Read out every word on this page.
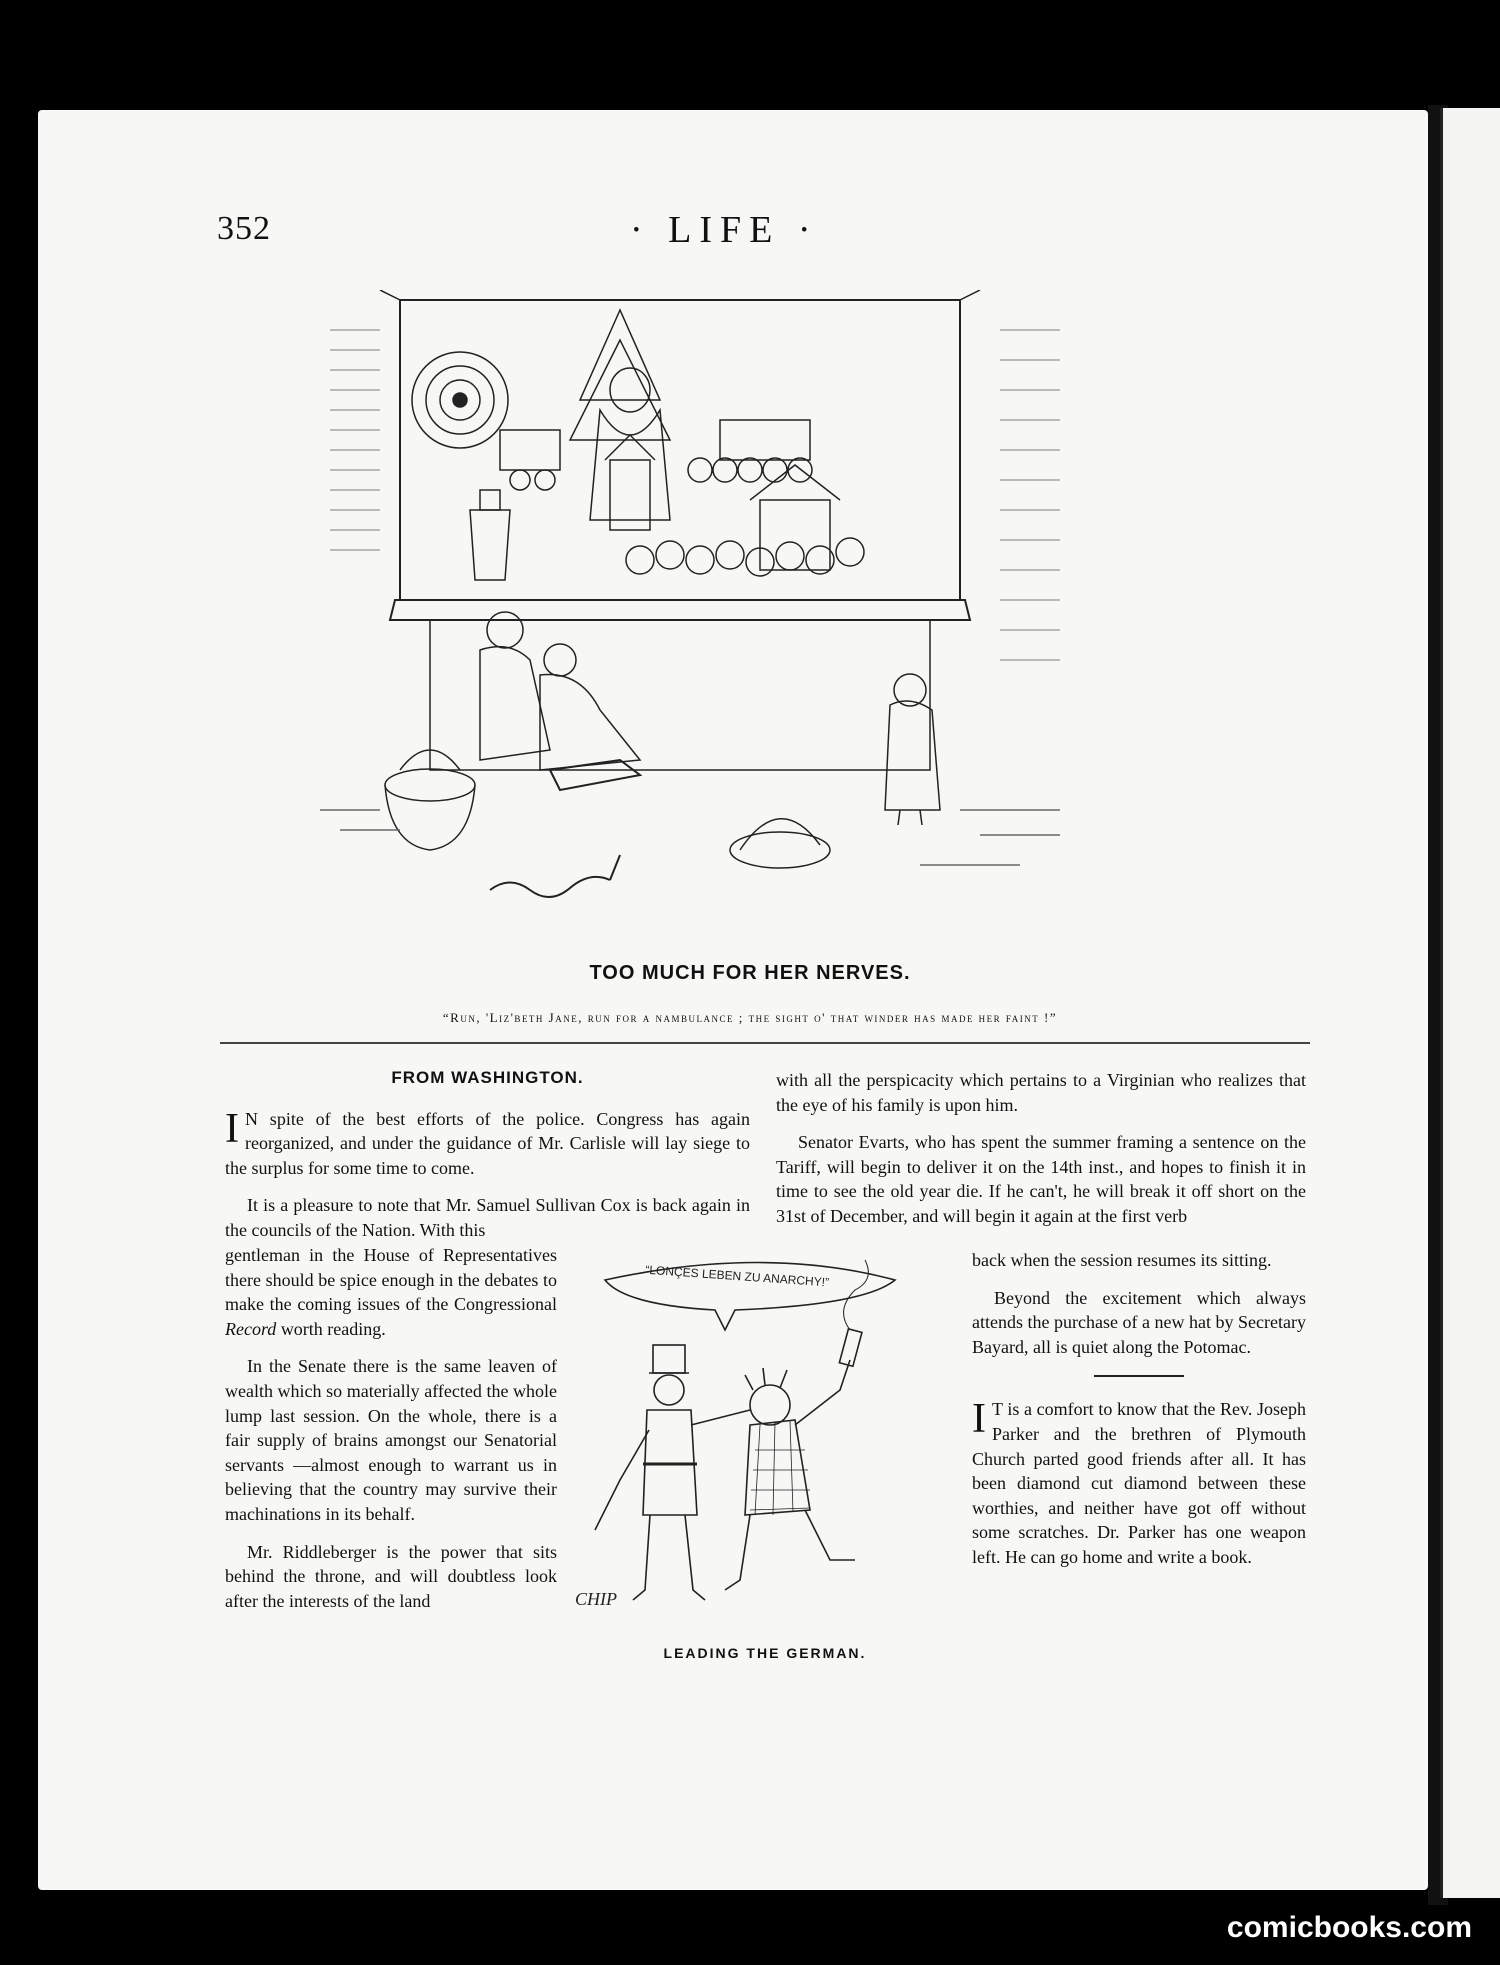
352	· LIFE ·
TOO MUCH FOR HER NERVES.
“Run, 'Liz'beth Jane, run for a nambulance ; the sight o' that winder has made her faint !”
FROM WASHINGTON.

I N spite of the best efforts of the police. Congress has again reorganized, and under the guidance of Mr. Carlisle will lay siege to the surplus for some time to come.

It is a pleasure to note that Mr. Samuel Sullivan Cox is back again in the councils of the Nation. With this

gentleman in the House of Representatives there should be spice enough in the debates to make the coming issues of the Congressional Record worth reading.

In the Senate there is the same leaven of wealth which so materially affected the whole lump last session. On the whole, there is a fair supply of brains amongst our Senatorial servants —almost enough to warrant us in believing that the country may survive their machinations in its behalf.

Mr. Riddleberger is the power that sits behind the throne, and will doubtless look after the interests of the land

with all the perspicacity which pertains to a Virginian who realizes that the eye of his family is upon him.

Senator Evarts, who has spent the summer framing a sentence on the Tariff, will begin to deliver it on the 14th inst., and hopes to finish it in time to see the old year die. If he can't, he will break it off short on the 31st of December, and will begin it again at the first verb

back when the session resumes its sitting.

Beyond the excitement which always attends the purchase of a new hat by Secretary Bayard, all is quiet along the Potomac.

I T is a comfort to know that the Rev. Joseph Parker and the brethren of Plymouth Church parted good friends after all. It has been diamond cut diamond between these worthies, and neither have got off without some scratches. Dr. Parker has one weapon left. He can go home and write a book.

“LONÇES LEBEN ZU ANARCHY!”
CHIP
LEADING THE GERMAN.
comicbooks.com
